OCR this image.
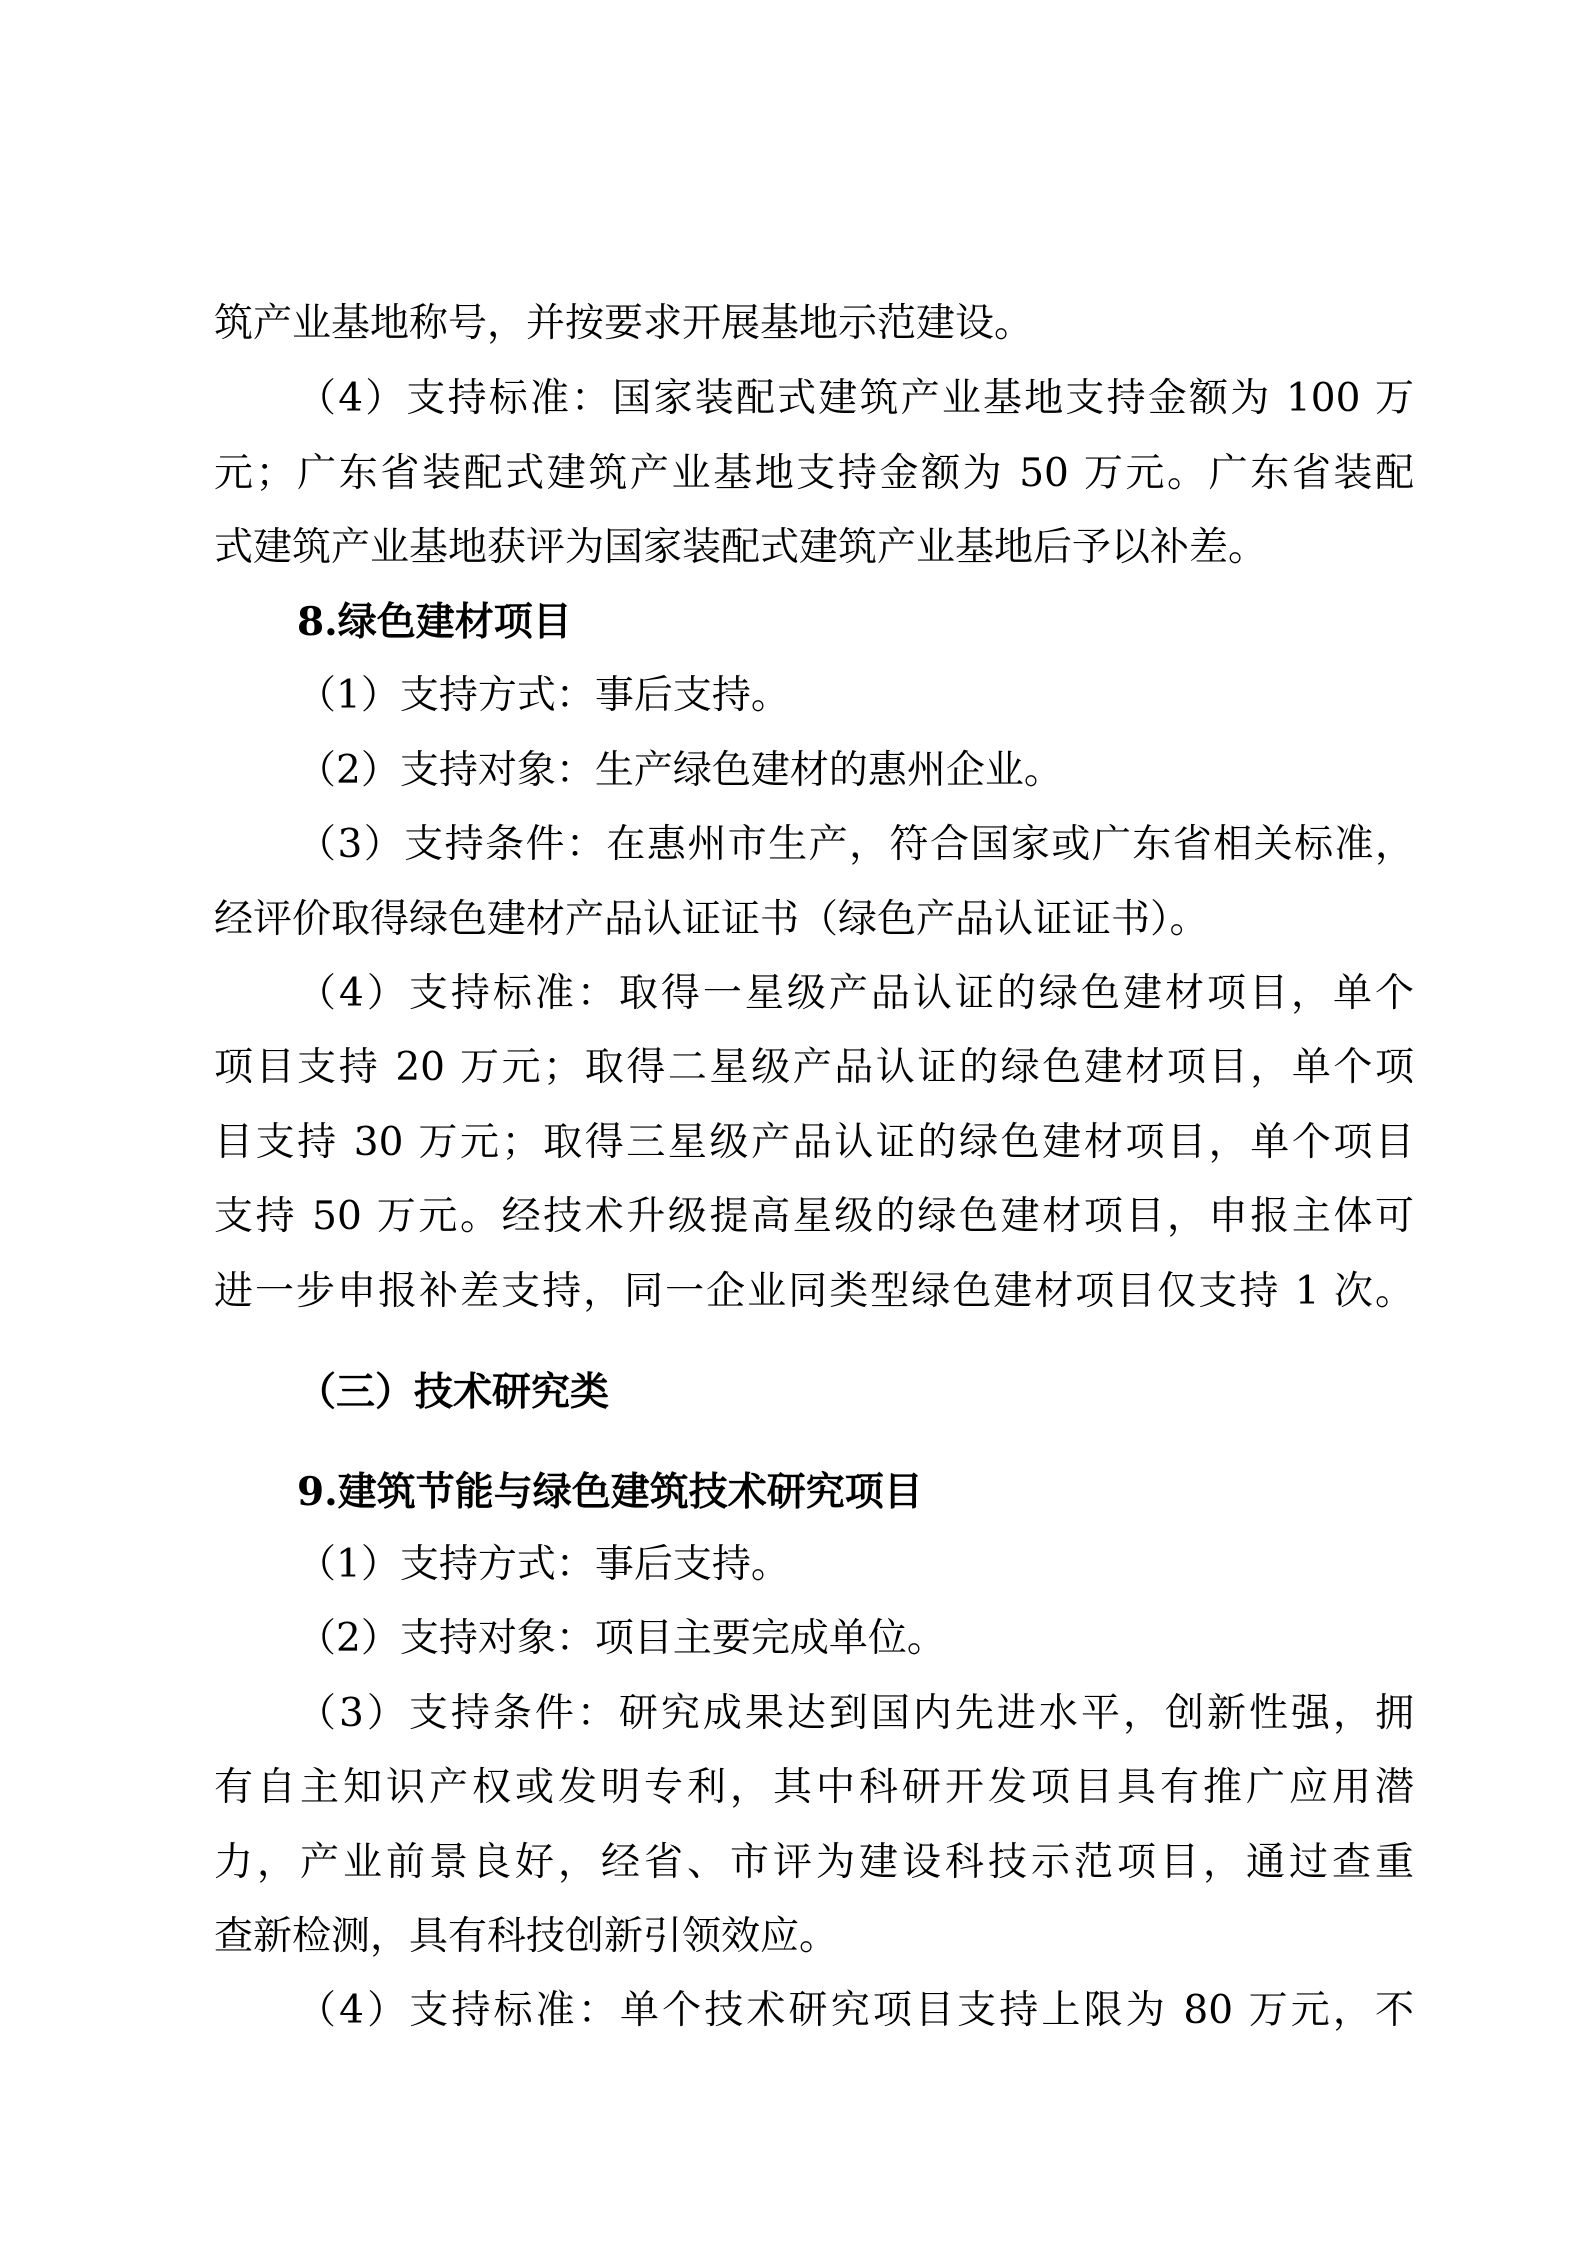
筑产业基地称号，并按要求开展基地示范建设。
（4）支持标准：国家装配式建筑产业基地支持金额为 100 万
元；广东省装配式建筑产业基地支持金额为 50 万元。广东省装配
式建筑产业基地获评为国家装配式建筑产业基地后予以补差。
8.绿色建材项目
（1）支持方式：事后支持。
（2）支持对象：生产绿色建材的惠州企业。
（3）支持条件：在惠州市生产，符合国家或广东省相关标准，
经评价取得绿色建材产品认证证书（绿色产品认证证书）。
（4）支持标准：取得一星级产品认证的绿色建材项目，单个
项目支持 20 万元；取得二星级产品认证的绿色建材项目，单个项
目支持 30 万元；取得三星级产品认证的绿色建材项目，单个项目
支持 50 万元。经技术升级提高星级的绿色建材项目，申报主体可
进一步申报补差支持，同一企业同类型绿色建材项目仅支持 1 次。
（三）技术研究类
9.建筑节能与绿色建筑技术研究项目
（1）支持方式：事后支持。
（2）支持对象：项目主要完成单位。
（3）支持条件：研究成果达到国内先进水平，创新性强，拥
有自主知识产权或发明专利，其中科研开发项目具有推广应用潜
力，产业前景良好，经省、市评为建设科技示范项目，通过查重
查新检测，具有科技创新引领效应。
（4）支持标准：单个技术研究项目支持上限为 80 万元，不
